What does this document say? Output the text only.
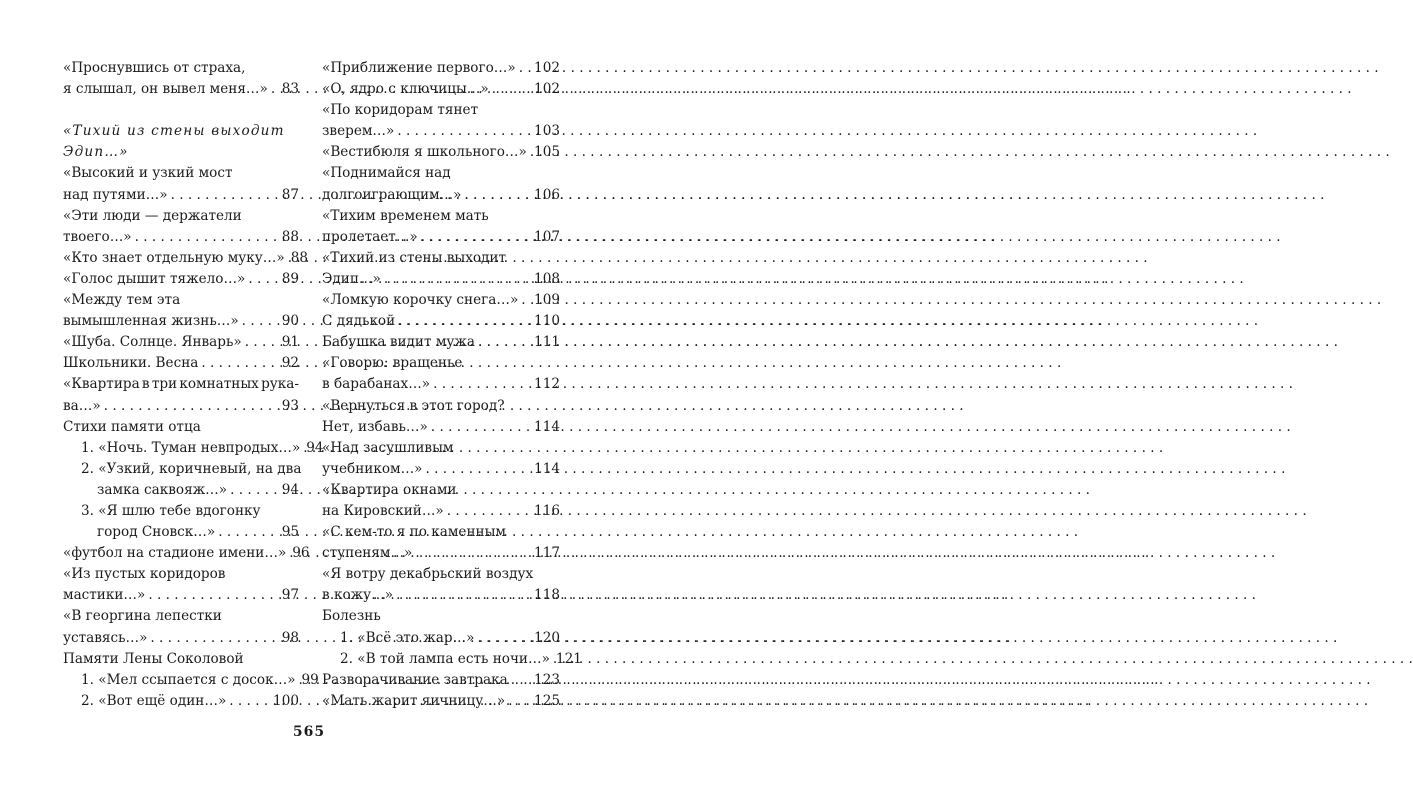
«Проснувшись от страха,
я слышал, он вывел меня…» . . . 83
«Тихий из стены выходит
Эдип…»
«Высокий и узкий мост
над путями…» . . .	87
«Эти люди — держатели
твоего…» . . .	88
«Кто знает отдельную муку…» 88
«Голос дышит тяжело…» . . .	89
«Между тем эта
вымышленная жизнь…» . . .	90
«Шуба. Солнце. Январь» . . .	91
Школьники. Весна . . .	92
«Квартира в три комнатных рука-
ва…» . . .	93
Стихи памяти отца
1. «Ночь. Туман невпродых…» 94
2. «Узкий, коричневый, на два
замка саквояж…» . . .	94
3. «Я шлю тебе вдогонку
город Сновск…» . . .	95
«футбол на стадионе имени…» 96
«Из пустых коридоров
мастики…» . . .	97
«В георгина лепестки
уставясь…» . . .	98
Памяти Лены Соколовой
1. «Мел ссыпается с досок…» 99
2. «Вот ещё один…» . . .	100
«Приближение первого…» . . . 102
«О, ядро с ключицы…» . . .	102
«По коридорам тянет
зверем…» . . .	103
«Вестибюля я школьного…» . . . 105
«Поднимайся над
долгоиграющим…» . . .	106
«Тихим временем мать
пролетает…» . . .	107
«Тихий из стены выходит
Эдип…» . . .	108
«Ломкую корочку снега…» . . . 109
С дядькой . . .	110
Бабушка видит мужа . . .	111
«Говорю: вращенье
в барабанах…» . . .	112
«Вернуться в этот город?
Нет, избавь…» . . .	114
«Над засушливым
учебником…» . . .	114
«Квартира окнами
на Кировский…» . . .	116
«С кем-то я по каменным
ступеням…» . . .	117
«Я вотру декабрьский воздух
в кожу…» . . .	118
Болезнь
1. «Всё это жар…» . . .	120
2. «В той лампа есть ночи…» 121
Разворачивание завтрака . . . 123
«Мать жарит яичницу…» . . . 125
565
